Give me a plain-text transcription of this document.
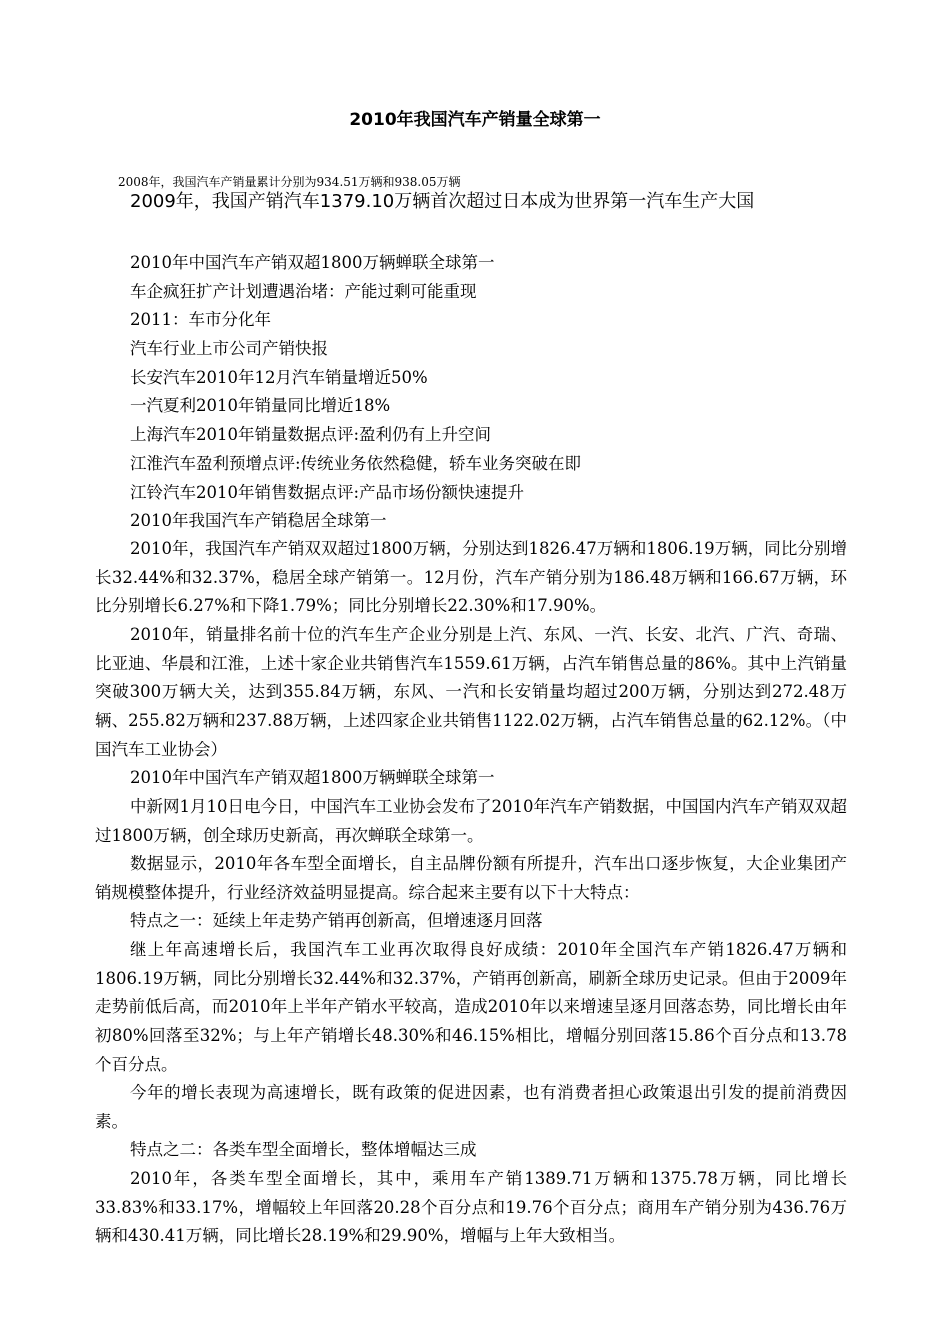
2010年我国汽车产销量全球第一
2008年，我国汽车产销量累计分别为934.51万辆和938.05万辆
2009年，我国产销汽车1379.10万辆首次超过日本成为世界第一汽车生产大国
2010年中国汽车产销双超1800万辆蝉联全球第一
车企疯狂扩产计划遭遇治堵：产能过剩可能重现
2011：车市分化年
汽车行业上市公司产销快报
长安汽车2010年12月汽车销量增近50%
一汽夏利2010年销量同比增近18%
上海汽车2010年销量数据点评:盈利仍有上升空间
江淮汽车盈利预增点评:传统业务依然稳健，轿车业务突破在即
江铃汽车2010年销售数据点评:产品市场份额快速提升
2010年我国汽车产销稳居全球第一
2010年，我国汽车产销双双超过1800万辆，分别达到1826.47万辆和1806.19万辆，同比分别增长32.44%和32.37%，稳居全球产销第一。12月份，汽车产销分别为186.48万辆和166.67万辆，环比分别增长6.27%和下降1.79%；同比分别增长22.30%和17.90%。
2010年，销量排名前十位的汽车生产企业分别是上汽、东风、一汽、长安、北汽、广汽、奇瑞、比亚迪、华晨和江淮，上述十家企业共销售汽车1559.61万辆，占汽车销售总量的86%。其中上汽销量突破300万辆大关，达到355.84万辆，东风、一汽和长安销量均超过200万辆，分别达到272.48万辆、255.82万辆和237.88万辆，上述四家企业共销售1122.02万辆，占汽车销售总量的62.12%。（中国汽车工业协会）
2010年中国汽车产销双超1800万辆蝉联全球第一
中新网1月10日电今日，中国汽车工业协会发布了2010年汽车产销数据，中国国内汽车产销双双超过1800万辆，创全球历史新高，再次蝉联全球第一。
数据显示，2010年各车型全面增长，自主品牌份额有所提升，汽车出口逐步恢复，大企业集团产销规模整体提升，行业经济效益明显提高。综合起来主要有以下十大特点：
特点之一：延续上年走势产销再创新高，但增速逐月回落
继上年高速增长后，我国汽车工业再次取得良好成绩：2010年全国汽车产销1826.47万辆和1806.19万辆，同比分别增长32.44%和32.37%，产销再创新高，刷新全球历史记录。但由于2009年走势前低后高，而2010年上半年产销水平较高，造成2010年以来增速呈逐月回落态势，同比增长由年初80%回落至32%；与上年产销增长48.30%和46.15%相比，增幅分别回落15.86个百分点和13.78个百分点。
今年的增长表现为高速增长，既有政策的促进因素，也有消费者担心政策退出引发的提前消费因素。
特点之二：各类车型全面增长，整体增幅达三成
2010年，各类车型全面增长，其中，乘用车产销1389.71万辆和1375.78万辆，同比增长33.83%和33.17%，增幅较上年回落20.28个百分点和19.76个百分点；商用车产销分别为436.76万辆和430.41万辆，同比增长28.19%和29.90%，增幅与上年大致相当。
